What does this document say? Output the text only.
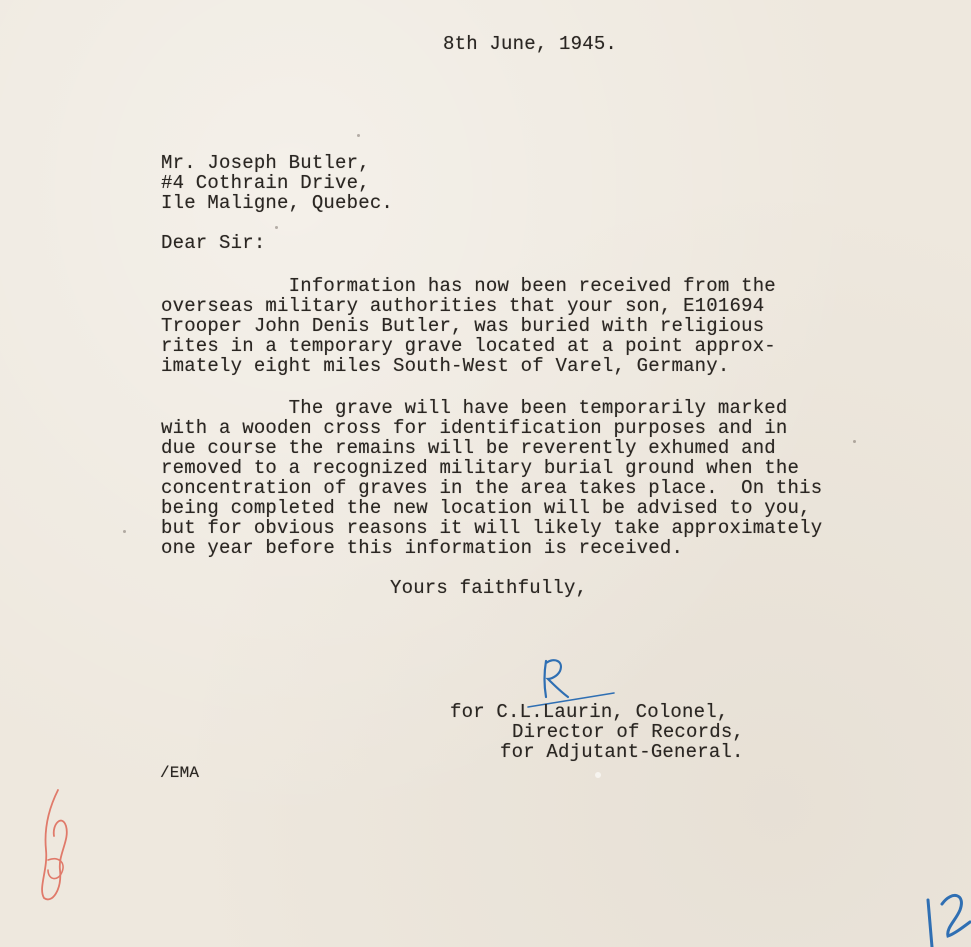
8th June, 1945.
Mr. Joseph Butler,
#4 Cothrain Drive,
Ile Maligne, Quebec.
Dear Sir:
Information has now been received from the
overseas military authorities that your son, E101694
Trooper John Denis Butler, was buried with religious
rites in a temporary grave located at a point approx-
imately eight miles South-West of Varel, Germany.
The grave will have been temporarily marked
with a wooden cross for identification purposes and in
due course the remains will be reverently exhumed and
removed to a recognized military burial ground when the
concentration of graves in the area takes place.  On this
being completed the new location will be advised to you,
but for obvious reasons it will likely take approximately
one year before this information is received.
Yours faithfully,
for C.L.Laurin, Colonel,
Director of Records,
for Adjutant-General.
/EMA
